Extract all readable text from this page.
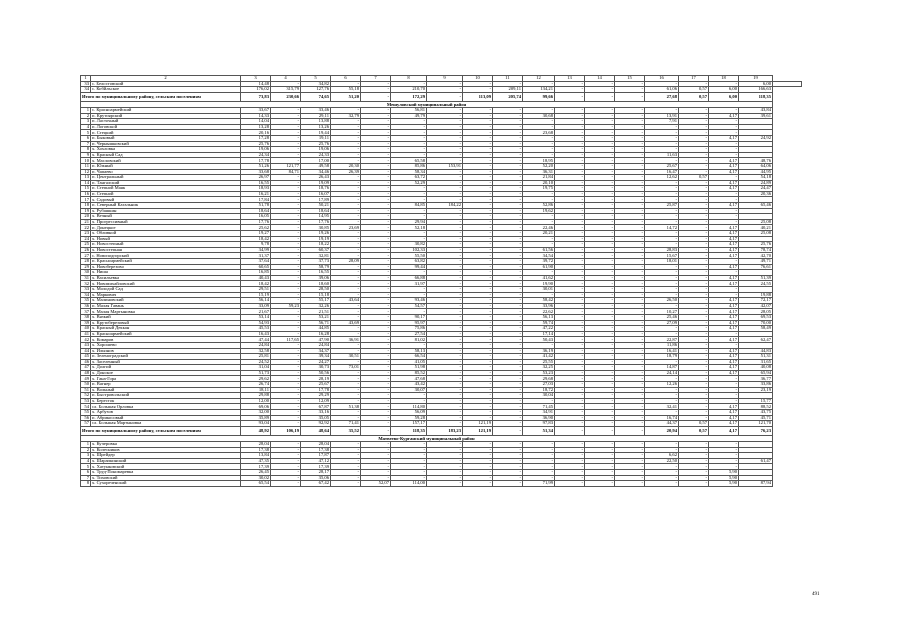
1	2	3	4	5	6	7	8	9	10	11	12	13	14	15	16	17	18	19	
33	с. Белостовский	14,48	-	34,82	-	-	-	-	-	-	-	-	-	-	-	-	-	6,00	
34	с. Кобйльское	176,02	315,79	127,76	55,18	-	210,70	-	-	209,11	134,21	-	-	-	61,06	0,57	6,00	166,63	
Итого по муниципальному району, сельским поселениям		73,83	230,66	74,65	51,20	-	172,29	-	113,09	205,74	99,66	-	-	-	27,68	0,57	6,00	118,35	
Мешуловский муниципальный район																			
1	с. Красноармейский	33,67	-	33,46	-	-	56,81	-	-	-	-	-	-	-	-	-	-	43,84	
2	п. Крутоярский	14,33	-	29,11	32,79	-	49,79	-	-	-	30,68	-	-	-	13,91	-	4,17	39,61	
3	п. Ласточный	14,04	-	13,88	-	-	-	-	-	-	-	-	-	-	7,91	-	-		
4	п. Логовской	13,28	-	13,26	-	-	-	-	-	-	-	-	-	-	-	-	-		
5	п. Стецкий	20,16	-	19,44	-	-	-	-	-	-	23,68	-	-	-	-	-	-		
6	п. Быковый	17,28	-	19,11	-	-	-	-	-	-	-	-	-	-	-	-	4,17	24,92	
7	п. Чернышковский	25,76	-	25,76	-	-	-	-	-	-	-	-	-	-	-	-	-		
8	х. Хохловка	19,06	-	19,06	-	-	-	-	-	-	-	-	-	-	-	-	-		
9	х. Красный Сад	24,34	-	24,33	-	-	-	-	-	-	-	-	-	-	11,63	-	-		
10	х. Масловский	17,78	-	17,00	-	-	65,58	-	-	-	18,95	-	-	-	-	-	4,17	48,76	
11	п. Южный	51,26	121,77	49,58	20,30	-	85,86	153,91	-	-	52,20	-	-	-	25,67	-	4,17	64,06	
12	п. Чапаево	33,68	84,71	34,46	26,39	-	58,34	-	-	-	36,31	-	-	-	16,47	-	4,17	44,95	
13	п. Центральный	26,97	-	26,43	-	-	63,72	-	-	-	21,84	-	-	-	12,62	0,57	-	54,18	
14	п. Тангалский	16,55	-	19,09	-	-	52,29	-	-	-	20,10	-	-	-	-	-	4,17	24,89	
15	п. Степной Маяк	18,93	-	18,76	-	-	-	-	-	-	19,75	-	-	-	-	-	4,17	24,47	
16	п. Степной	16,21	-	16,07	-	-	-	-	-	-	-	-	-	-	-	-	-	20,36	
17	х. Садовый	17,84	-	17,89	-	-	-	-	-	-	-	-	-	-	-	-	-		
18	п. Северный Кагальник	51,78	-	50,21	-	-	84,85	184,22	-	-	52,86	-	-	-	25,87	-	4,17	65,46	
19	х. Рубашкин	18,64	-	18,64	-	-	-	-	-	-	19,62	-	-	-	-	-	-		
20	х. Вечный	16,05	-	14,95	-	-	-	-	-	-	-	-	-	-	-	-	-		
21	х. Прогрессивный	17,76	-	17,76	-	-	29,94	-	-	-	-	-	-	-	-	-	-	25,08	
22	п. Донецкое	25,62	-	30,85	23,69	-	52,18	-	-	-	22,46	-	-	-	14,72	-	4,17	40,21	
23	х. Обливной	19,27	-	19,26	-	-	-	-	-	-	20,21	-	-	-	-	-	4,17	25,08	
24	х. Новый	18,42	-	19,19	-	-	-	-	-	-	-	-	-	-	-	-	4,17		
25	п. Новостепный	9,78	-	18,22	-	-	30,82	-	-	-	-	-	-	-	-	-	4,17	25,76	
26	х. Новостепная	34,99	-	60,37	-	-	102,33	-	-	-	61,56	-	-	-	28,83	-	4,17	78,74	
27	с. Новоподгорский	31,37	-	32,81	-	-	55,50	-	-	-	34,54	-	-	-	15,67	-	4,17	42,70	
28	п. Красноармейский	37,64	-	37,73	28,09	-	63,82	-	-	-	39,72	-	-	-	18,01	-	-	49,71	
29	х. Новоберезово	60,65	-	58,79	-	-	99,44	-	-	-	61,90	-	-	-	-	-	4,17	76,61	
30	х. Ниша	16,85	-	16,55	-	-	-	-	-	-	-	-	-	-	-	-	-		
31	х. Васильевка	40,43	-	39,06	-	-	66,88	-	-	-	41,62	-	-	-	-	-	4,17	51,39	
32	х. Новомихайловский	18,42	-	18,60	-	-	31,97	-	-	-	19,90	-	-	-	-	-	4,17	24,55	
33	х. Молодой Сад	29,51	-	28,50	-	-	-	-	-	-	30,01	-	-	-	-	-	-		
34	х. Маркович	15,19	-	15,18	-	-	-	-	-	-	-	-	-	-	-	-	-	19,88	
35	х. Малиновский	56,14	-	55,17	43,64	-	93,46	-	-	-	58,42	-	-	-	26,50	-	4,17	72,17	
36	п. Малая Гавань	33,09	59,23	32,26	-	-	54,57	-	-	-	33,96	-	-	-	-	-	4,17	42,07	
37	х. Малая Мартыновка	21,67	-	21,51	-	-	-	-	-	-	22,62	-	-	-	10,27	-	4,17	28,05	
38	х. Вязкий	53,14	-	53,21	-	-	90,17	-	-	-	56,13	-	-	-	25,46	-	4,17	69,53	
39	х. Крутоберезовый	54,93	-	56,71	43,69	-	95,97	-	-	-	59,74	-	-	-	27,09	-	4,17	70,00	
40	х. Красный Деккан	45,53	-	44,85	-	-	75,86	-	-	-	47,22	-	-	-	-	-	4,17	58,49	
41	х. Красноармейский	16,43	-	16,28	-	-	27,54	-	-	-	17,14	-	-	-	-	-	-		
42	х. Комаров	47,44	117,65	47,90	36,91	-	81,02	-	-	-	50,43	-	-	-	22,87	-	4,17	62,47	
43	х. Хорошево	24,84	-	24,84	-	-	-	-	-	-	-	-	-	-	11,86	-	-		
44	х. Ильинов	32,58	-	34,37	-	-	58,13	-	-	-	36,19	-	-	-	16,41	-	4,17	44,83	
45	п. Зеленоградский	25,81	-	39,34	30,51	-	66,54	-	-	-	41,42	-	-	-	18,79	-	4,17	51,31	
46	х. Заселенный	24,52	-	24,27	-	-	41,05	-	-	-	25,55	-	-	-	-	-	4,17	31,65	
47	х. Долгий	31,04	-	30,73	73,01	-	51,98	-	-	-	32,25	-	-	-	14,87	-	4,17	40,08	
48	х. Донское	51,73	-	50,56	-	-	85,52	-	-	-	53,23	-	-	-	24,14	-	4,17	65,94	
49	х. Гана-Гора	29,62	-	28,19	-	-	47,68	-	-	-	29,68	-	-	-	-	-	-	36,77	
50	п. Вагнер	26,74	-	25,67	-	-	43,42	-	-	-	27,03	-	-	-	12,26	-	-	33,86	
51	х. Вольный	18,11	-	17,78	-	-	30,07	-	-	-	18,72	-	-	-	-	-	-	23,19	
52	п. Быстровольский	29,88	-	29,29	-	-	-	-	-	-	30,04	-	-	-	-	-	-		
53	х. Бересток	12,00	-	12,09	-	-	-	-	-	-	-	-	-	-	-	-	-	15,77	
54	сл. Большая Орловка	69,06	-	67,87	51,38	-	114,80	-	-	-	71,45	-	-	-	32,41	-	4,17	88,52	
55	х. Арбузов	32,00	-	33,16	-	-	56,09	-	-	-	34,91	-	-	-	-	-	4,17	43,75	
56	п. Абрикосовый	35,89	-	35,05	-	-	59,28	-	-	-	36,90	-	-	-	16,74	-	4,17	45,71	
57	сл. Большая Мартыновка	93,04	-	92,92	71,41	-	157,17	-	121,19	-	97,83	-	-	-	44,37	0,57	4,17	121,70	
Итого по муниципальному району, сельским поселениям		48,92	106,19	48,64	35,52	-	118,35	183,23	121,19	-	51,34	-	-	-	20,94	0,57	4,17	76,23	
Матвеево-Курганский муниципальный район																			
1	х. Кучеровка	28,04	-	28,04	-	-	-	-	-	-	-	-	-	-	-	-	-		
2	х. Колесников	17,38	-	17,38	-	-	-	-	-	-	-	-	-	-	-	-	-		
3	х. Шрейдер	13,84	-	17,87	-	-	-	-	-	-	-	-	-	-	6,62	-	-		
4	х. Шарапкинский	47,35	-	47,12	-	-	-	-	-	-	-	-	-	-	22,50	-	-	61,47	
5	х. Хатунковский	17,39	-	17,39	-	-	-	-	-	-	-	-	-	-	-	-	-		
6	х. Труд-Пономаревка	26,45	-	28,17	-	-	-	-	-	-	-	-	-	-	-	-	5,90		
7	х. Тиховский	30,02	-	35,06	-	-	-	-	-	-	-	-	-	-	-	-	5,90		
8	х. Сухореченский	65,54	-	67,42	-	52,07	114,00	-	-	-	71,99	-	-	-	-	-	5,90	87,94	
491
